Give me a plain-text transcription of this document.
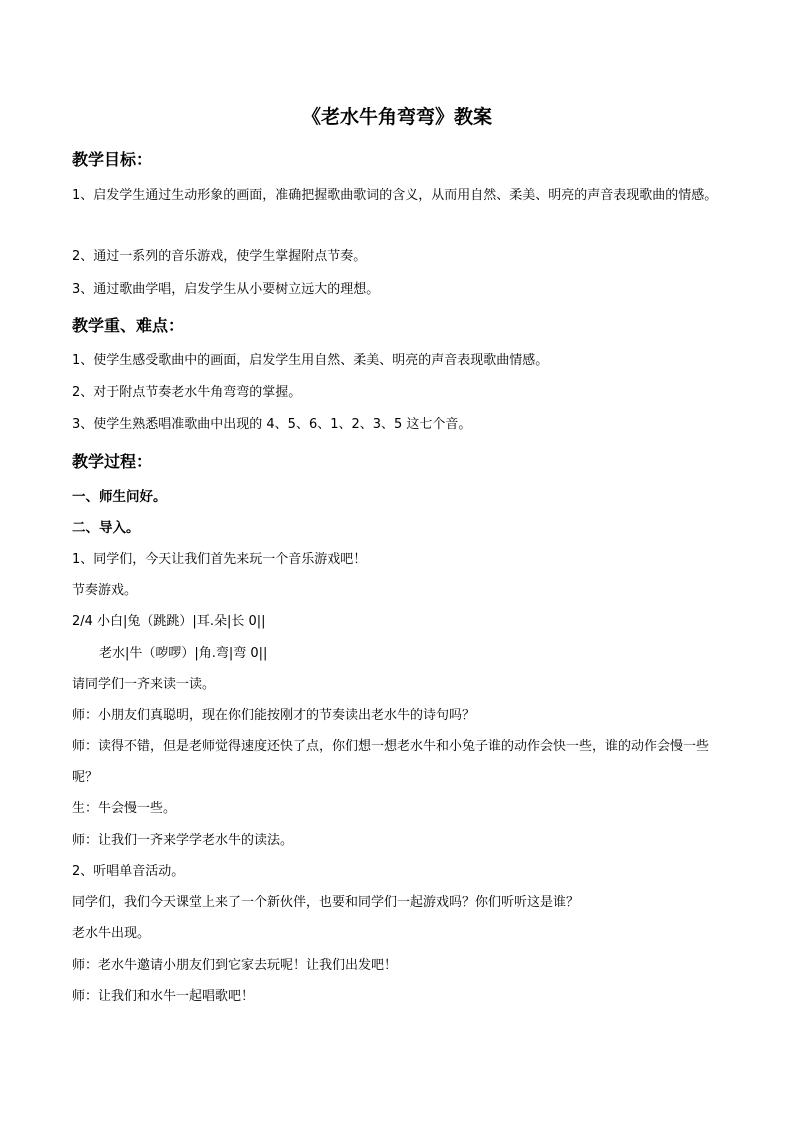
《老水牛角弯弯》教案
教学目标：
1、启发学生通过生动形象的画面，准确把握歌曲歌词的含义，从而用自然、柔美、明亮的声音表现歌曲的情感。
2、通过一系列的音乐游戏，使学生掌握附点节奏。
3、通过歌曲学唱，启发学生从小要树立远大的理想。
教学重、难点：
1、使学生感受歌曲中的画面，启发学生用自然、柔美、明亮的声音表现歌曲情感。
2、对于附点节奏老水牛角弯弯的掌握。
3、使学生熟悉唱准歌曲中出现的 4、5、6、1、2、3、5 这七个音。
教学过程：
一、师生问好。
二、导入。
1、同学们，今天让我们首先来玩一个音乐游戏吧！
节奏游戏。
2/4 小白|兔（跳跳）|耳.朵|长 0||
老水|牛（哕啰）|角.弯|弯 0||
请同学们一齐来读一读。
师：小朋友们真聪明，现在你们能按刚才的节奏读出老水牛的诗句吗？
师：读得不错，但是老师觉得速度还快了点，你们想一想老水牛和小兔子谁的动作会快一些，谁的动作会慢一些呢？
生：牛会慢一些。
师：让我们一齐来学学老水牛的读法。
2、听唱单音活动。
同学们，我们今天课堂上来了一个新伙伴，也要和同学们一起游戏吗？你们听听这是谁？
老水牛出现。
师：老水牛邀请小朋友们到它家去玩呢！让我们出发吧！
师：让我们和水牛一起唱歌吧！
